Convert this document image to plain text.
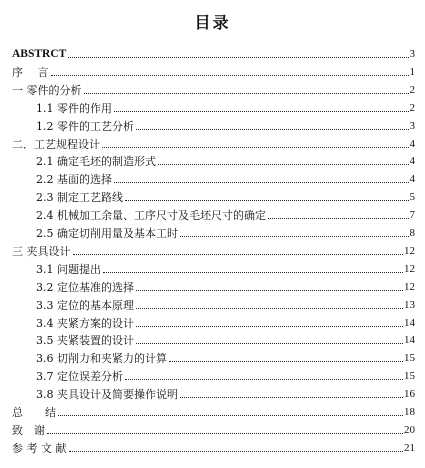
目录
ABSTRCT	3
序　 言	1
一 零件的分析	2
1.1 零件的作用	2
1.2 零件的工艺分析	3
二．工艺规程设计	4
2.1 确定毛坯的制造形式	4
2.2 基面的选择	4
2.3 制定工艺路线	5
2.4 机械加工余量、工序尺寸及毛坯尺寸的确定	7
2.5 确定切削用量及基本工时	8
三 夹具设计	12
3.1 问题提出	12
3.2 定位基准的选择	12
3.3 定位的基本原理	13
3.4 夹紧方案的设计	14
3.5 夹紧装置的设计	14
3.6 切削力和夹紧力的计算	15
3.7 定位误差分析	15
3.8 夹具设计及简要操作说明	16
总　　结	18
致　谢	20
参 考 文 献	21
